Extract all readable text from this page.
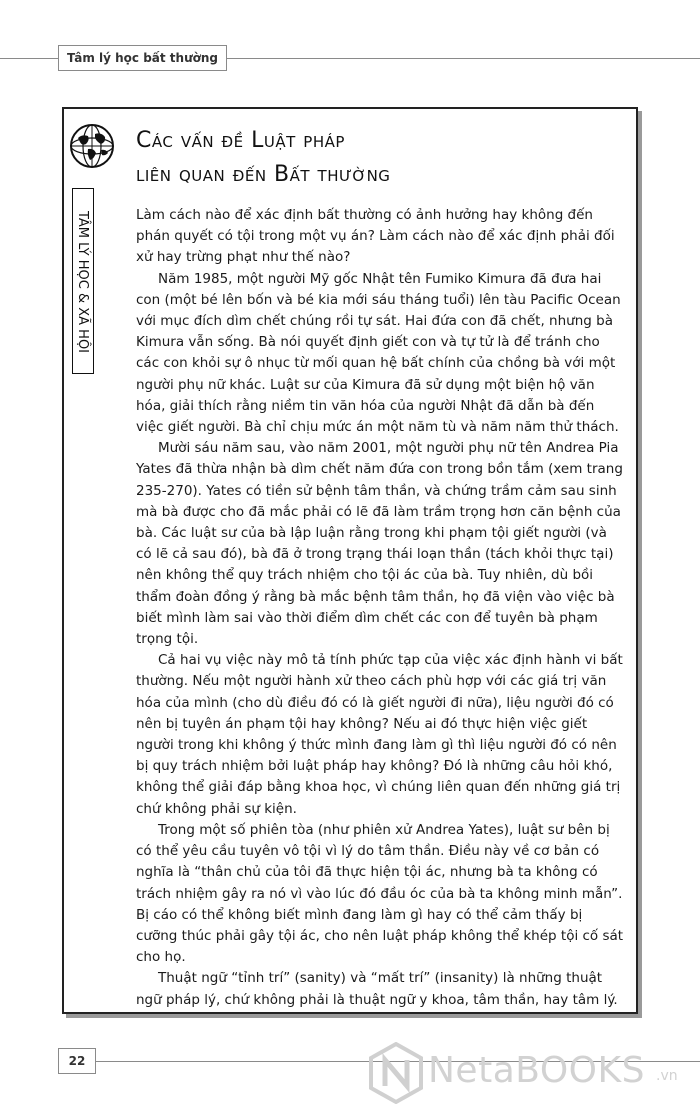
Tâm lý học bất thường
Các vấn đề Luật pháp
liên quan đến Bất thường
TÂM LÝ HỌC & XÃ HỘI	Làm cách nào để xác định bất thường có ảnh hưởng hay không đến phán quyết có tội trong một vụ án? Làm cách nào để xác định phải đối xử hay trừng phạt như thế nào?

Năm 1985, một người Mỹ gốc Nhật tên Fumiko Kimura đã đưa hai con (một bé lên bốn và bé kia mới sáu tháng tuổi) lên tàu Pacific Ocean với mục đích dìm chết chúng rồi tự sát. Hai đứa con đã chết, nhưng bà Kimura vẫn sống. Bà nói quyết định giết con và tự tử là để tránh cho các con khỏi sự ô nhục từ mối quan hệ bất chính của chồng bà với một người phụ nữ khác. Luật sư của Kimura đã sử dụng một biện hộ văn hóa, giải thích rằng niềm tin văn hóa của người Nhật đã dẫn bà đến việc giết người. Bà chỉ chịu mức án một năm tù và năm năm thử thách.

Mười sáu năm sau, vào năm 2001, một người phụ nữ tên Andrea Pia Yates đã thừa nhận bà dìm chết năm đứa con trong bồn tắm (xem trang 235-270). Yates có tiền sử bệnh tâm thần, và chứng trầm cảm sau sinh mà bà được cho đã mắc phải có lẽ đã làm trầm trọng hơn căn bệnh của bà. Các luật sư của bà lập luận rằng trong khi phạm tội giết người (và có lẽ cả sau đó), bà đã ở trong trạng thái loạn thần (tách khỏi thực tại) nên không thể quy trách nhiệm cho tội ác của bà. Tuy nhiên, dù bồi thẩm đoàn đồng ý rằng bà mắc bệnh tâm thần, họ đã viện vào việc bà biết mình làm sai vào thời điểm dìm chết các con để tuyên bà phạm trọng tội.

Cả hai vụ việc này mô tả tính phức tạp của việc xác định hành vi bất thường. Nếu một người hành xử theo cách phù hợp với các giá trị văn hóa của mình (cho dù điều đó có là giết người đi nữa), liệu người đó có nên bị tuyên án phạm tội hay không? Nếu ai đó thực hiện việc giết người trong khi không ý thức mình đang làm gì thì liệu người đó có nên bị quy trách nhiệm bởi luật pháp hay không? Đó là những câu hỏi khó, không thể giải đáp bằng khoa học, vì chúng liên quan đến những giá trị chứ không phải sự kiện.

Trong một số phiên tòa (như phiên xử Andrea Yates), luật sư bên bị có thể yêu cầu tuyên vô tội vì lý do tâm thần. Điều này về cơ bản có nghĩa là “thân chủ của tôi đã thực hiện tội ác, nhưng bà ta không có trách nhiệm gây ra nó vì vào lúc đó đầu óc của bà ta không minh mẫn”. Bị cáo có thể không biết mình đang làm gì hay có thể cảm thấy bị cưỡng thúc phải gây tội ác, cho nên luật pháp không thể khép tội cố sát cho họ.

Thuật ngữ “tỉnh trí” (sanity) và “mất trí” (insanity) là những thuật ngữ pháp lý, chứ không phải là thuật ngữ y khoa, tâm thần, hay tâm lý.

22	NetaBOOKS .vn
